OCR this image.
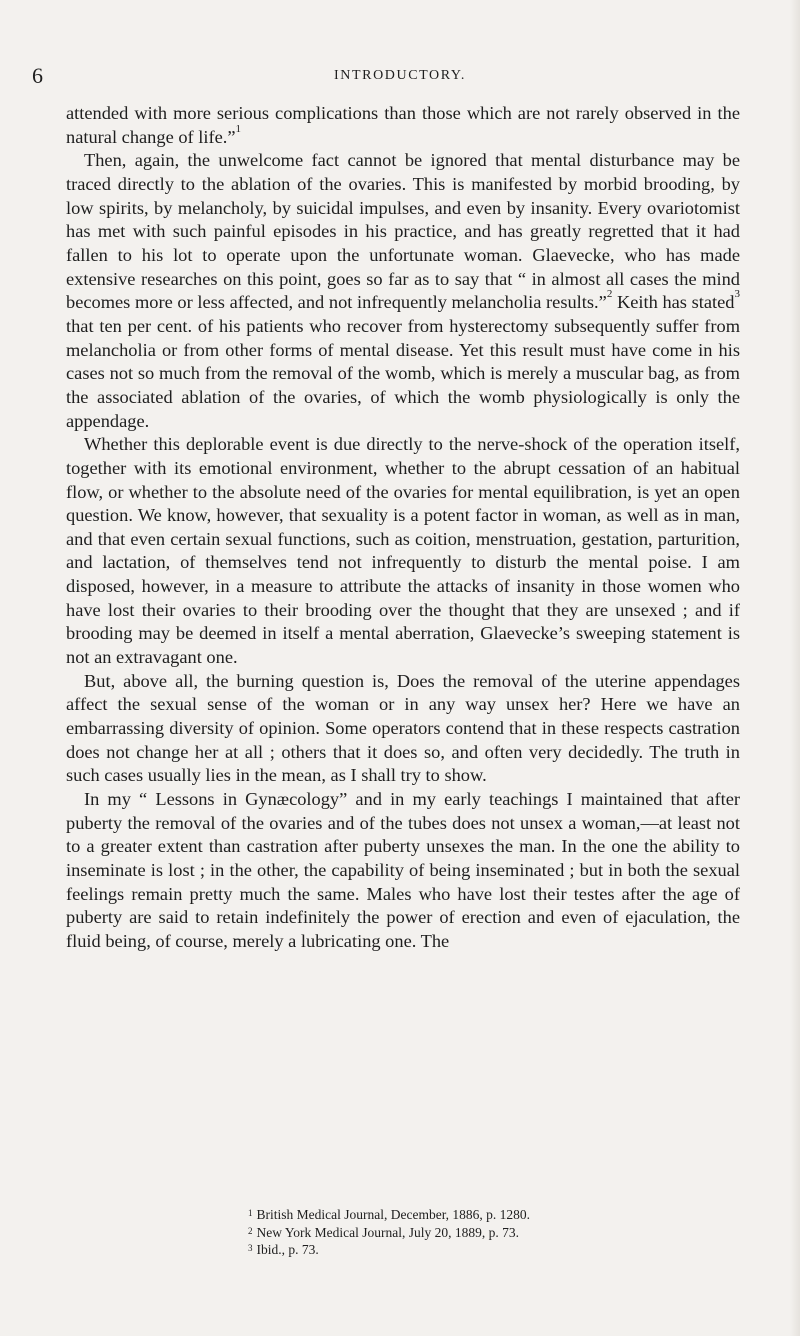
6	INTRODUCTORY.

attended with more serious complications than those which are not rarely observed in the natural change of life.”$^1$

Then, again, the unwelcome fact cannot be ignored that mental disturbance may be traced directly to the ablation of the ovaries. This is manifested by morbid brooding, by low spirits, by melancholy, by suicidal impulses, and even by insanity. Every ovariotomist has met with such painful episodes in his practice, and has greatly regretted that it had fallen to his lot to operate upon the unfortunate woman. Glaevecke, who has made extensive researches on this point, goes so far as to say that “ in almost all cases the mind becomes more or less affected, and not infrequently melancholia results.”$^2$ Keith has stated$^3$ that ten per cent. of his patients who recover from hysterectomy subsequently suffer from melancholia or from other forms of mental disease. Yet this result must have come in his cases not so much from the removal of the womb, which is merely a muscular bag, as from the associated ablation of the ovaries, of which the womb physiologically is only the appendage.

Whether this deplorable event is due directly to the nerve-shock of the operation itself, together with its emotional environment, whether to the abrupt cessation of an habitual flow, or whether to the absolute need of the ovaries for mental equilibration, is yet an open question. We know, however, that sexuality is a potent factor in woman, as well as in man, and that even certain sexual functions, such as coition, menstruation, gestation, parturition, and lactation, of themselves tend not infrequently to disturb the mental poise. I am disposed, however, in a measure to attribute the attacks of insanity in those women who have lost their ovaries to their brooding over the thought that they are unsexed ; and if brooding may be deemed in itself a mental aberration, Glaevecke’s sweeping statement is not an extravagant one.

But, above all, the burning question is, Does the removal of the uterine appendages affect the sexual sense of the woman or in any way unsex her? Here we have an embarrassing diversity of opinion. Some operators contend that in these respects castration does not change her at all ; others that it does so, and often very decidedly. The truth in such cases usually lies in the mean, as I shall try to show.

In my “ Lessons in Gynæcology” and in my early teachings I maintained that after puberty the removal of the ovaries and of the tubes does not unsex a woman,—at least not to a greater extent than castration after puberty unsexes the man. In the one the ability to inseminate is lost ; in the other, the capability of being inseminated ; but in both the sexual feelings remain pretty much the same. Males who have lost their testes after the age of puberty are said to retain indefinitely the power of erection and even of ejaculation, the fluid being, of course, merely a lubricating one. The

$^1$ British Medical Journal, December, 1886, p. 1280.
$^2$ New York Medical Journal, July 20, 1889, p. 73.
$^3$ Ibid., p. 73.
